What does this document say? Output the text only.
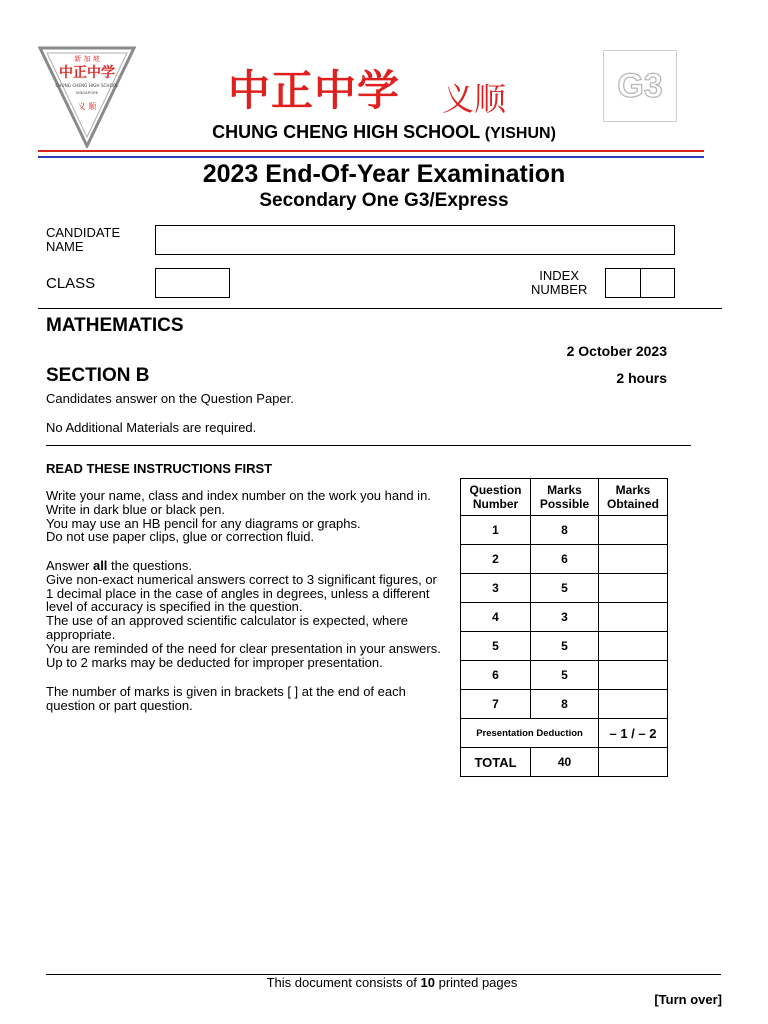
新 加 坡
中正中学
CHUNG CHENG HIGH SCHOOL
SINGAPORE
义 顺	中正中学 义顺	G3
CHUNG CHENG HIGH SCHOOL (YISHUN)
2023 End-Of-Year Examination
Secondary One G3/Express
CANDIDATE
NAME
CLASS	INDEX
NUMBER
MATHEMATICS
2 October 2023
SECTION B	2 hours
Candidates answer on the Question Paper.
No Additional Materials are required.
READ THESE INSTRUCTIONS FIRST

Write your name, class and index number on the work you hand in.

Write in dark blue or black pen.

You may use an HB pencil for any diagrams or graphs.

Do not use paper clips, glue or correction fluid.

Answer all the questions.

Give non-exact numerical answers correct to 3 significant figures, or 1 decimal place in the case of angles in degrees, unless a different level of accuracy is specified in the question.

The use of an approved scientific calculator is expected, where appropriate.

You are reminded of the need for clear presentation in your answers.

Up to 2 marks may be deducted for improper presentation.

The number of marks is given in brackets [ ] at the end of each question or part question.

Question Number	Marks Possible	Marks Obtained
1	8	
2	6	
3	5	
4	3	
5	5	
6	5	
7	8	
Presentation Deduction		– 1 / – 2
TOTAL	40	
This document consists of 10 printed pages
[Turn over]
